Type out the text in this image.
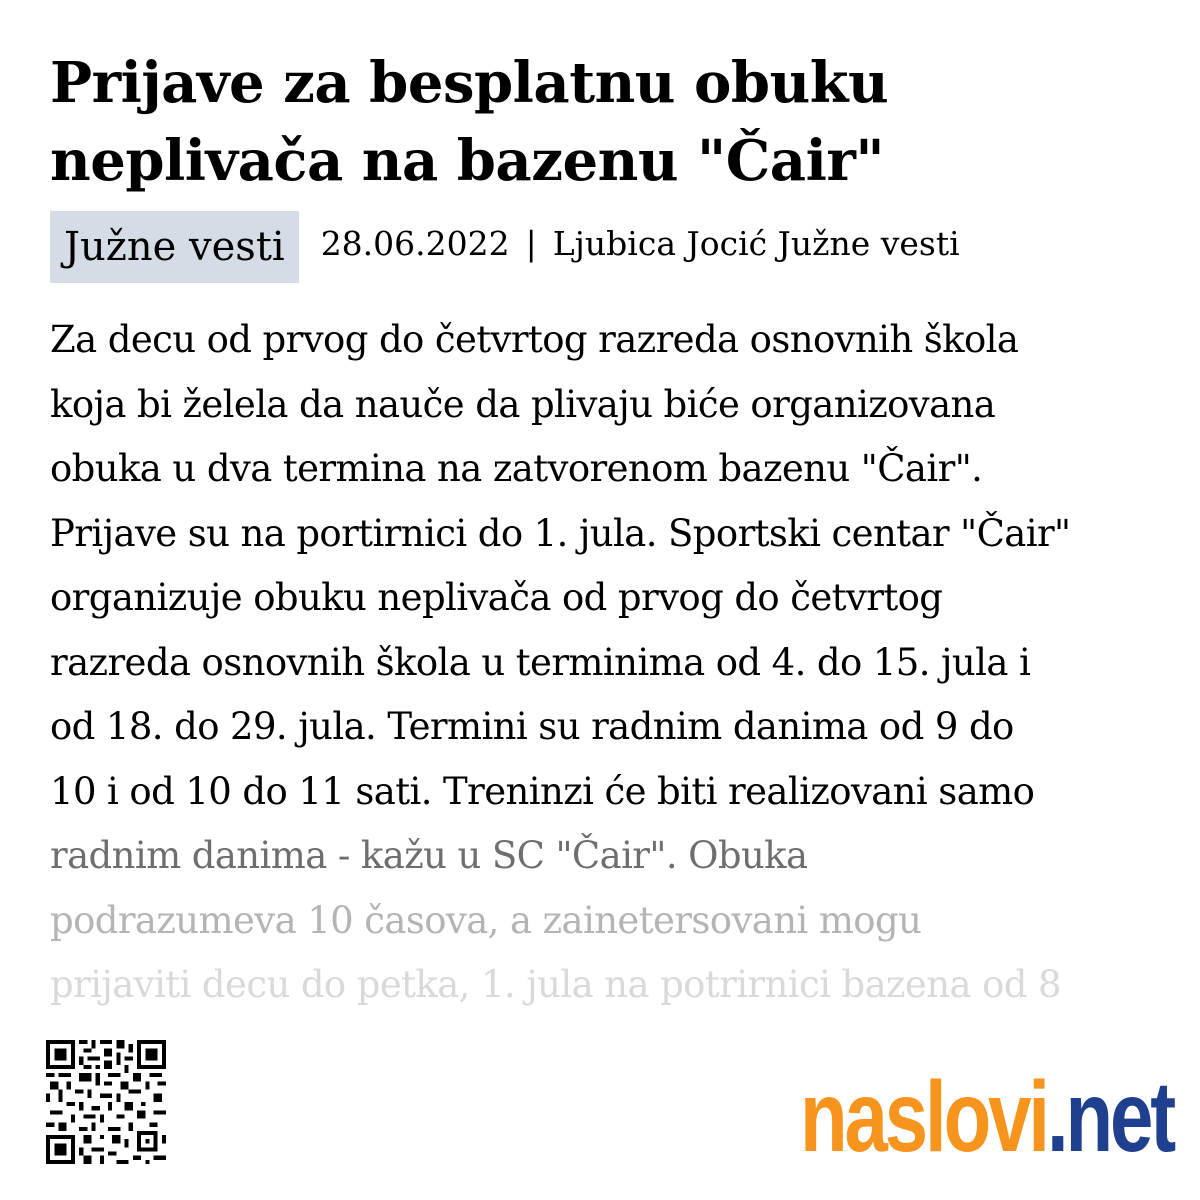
Prijave za besplatnu obuku
neplivača na bazenu "Čair"
Južne vesti	28.06.2022 | Ljubica Jocić Južne vesti

Za decu od prvog do četvrtog razreda osnovnih škola
koja bi želela da nauče da plivaju biće organizovana
obuka u dva termina na zatvorenom bazenu "Čair".
Prijave su na portirnici do 1. jula. Sportski centar "Čair"
organizuje obuku neplivača od prvog do četvrtog
razreda osnovnih škola u terminima od 4. do 15. jula i
od 18. do 29. jula. Termini su radnim danima od 9 do
10 i od 10 do 11 sati. Treninzi će biti realizovani samo
radnim danima - kažu u SC "Čair". Obuka
podrazumeva 10 časova, a zainetersovani mogu
prijaviti decu do petka, 1. jula na potrirnici bazena od 8

naslovi.net
